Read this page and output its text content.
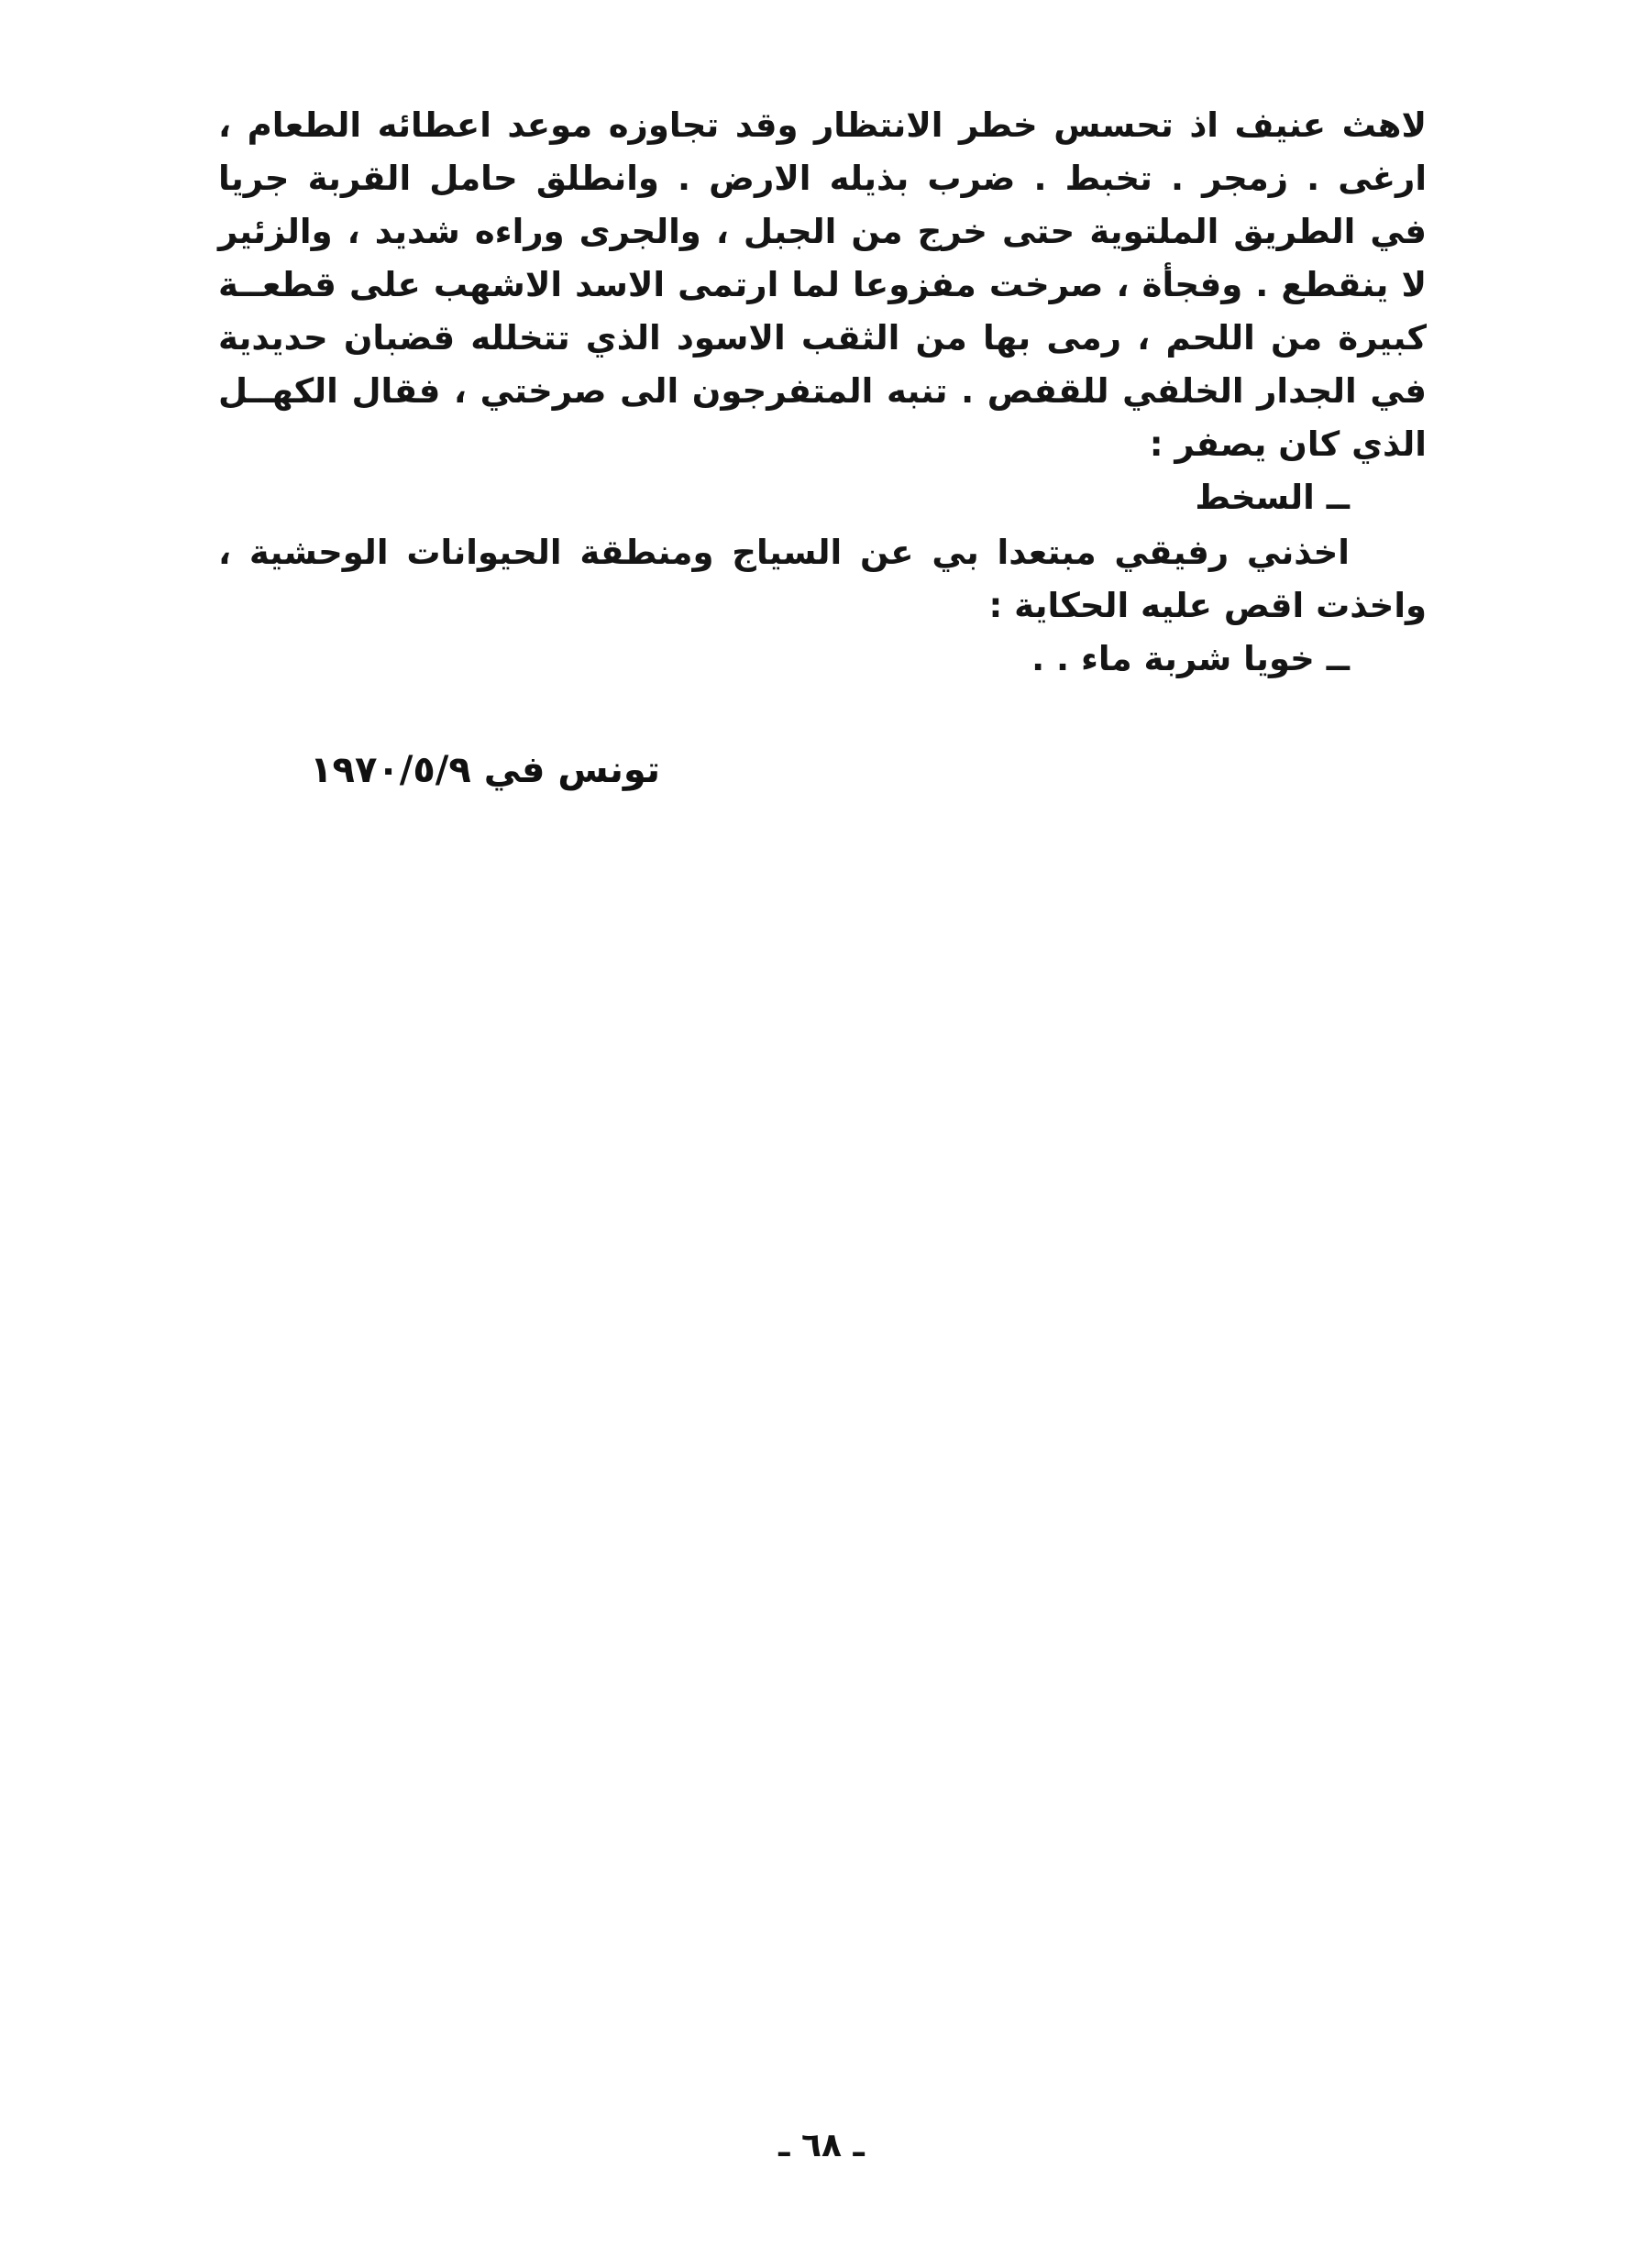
لاهث عنيف اذ تحسس خطر الانتظار وقد تجاوزه موعد اعطائه الطعام ،
ارغى . زمجر . تخبط . ضرب بذيله الارض . وانطلق حامل القربة جريا
في الطريق الملتوية حتى خرج من الجبل ، والجرى وراءه شديد ، والزئير
لا ينقطع . وفجأة ، صرخت مفزوعا لما ارتمى الاسد الاشهب على قطعــة
كبيرة من اللحم ، رمى بها من الثقب الاسود الذي تتخلله قضبان حديدية
في الجدار الخلفي للقفص . تنبه المتفرجون الى صرختي ، فقال الكهــل
الذي كان يصفر :
ــ السخط
اخذني رفيقي مبتعدا بي عن السياج ومنطقة الحيوانات الوحشية ،
واخذت اقص عليه الحكاية :
ــ خويا شربة ماء . .
تونس في ١٩٧٠/٥/٩
ـ ٦٨ ـ
